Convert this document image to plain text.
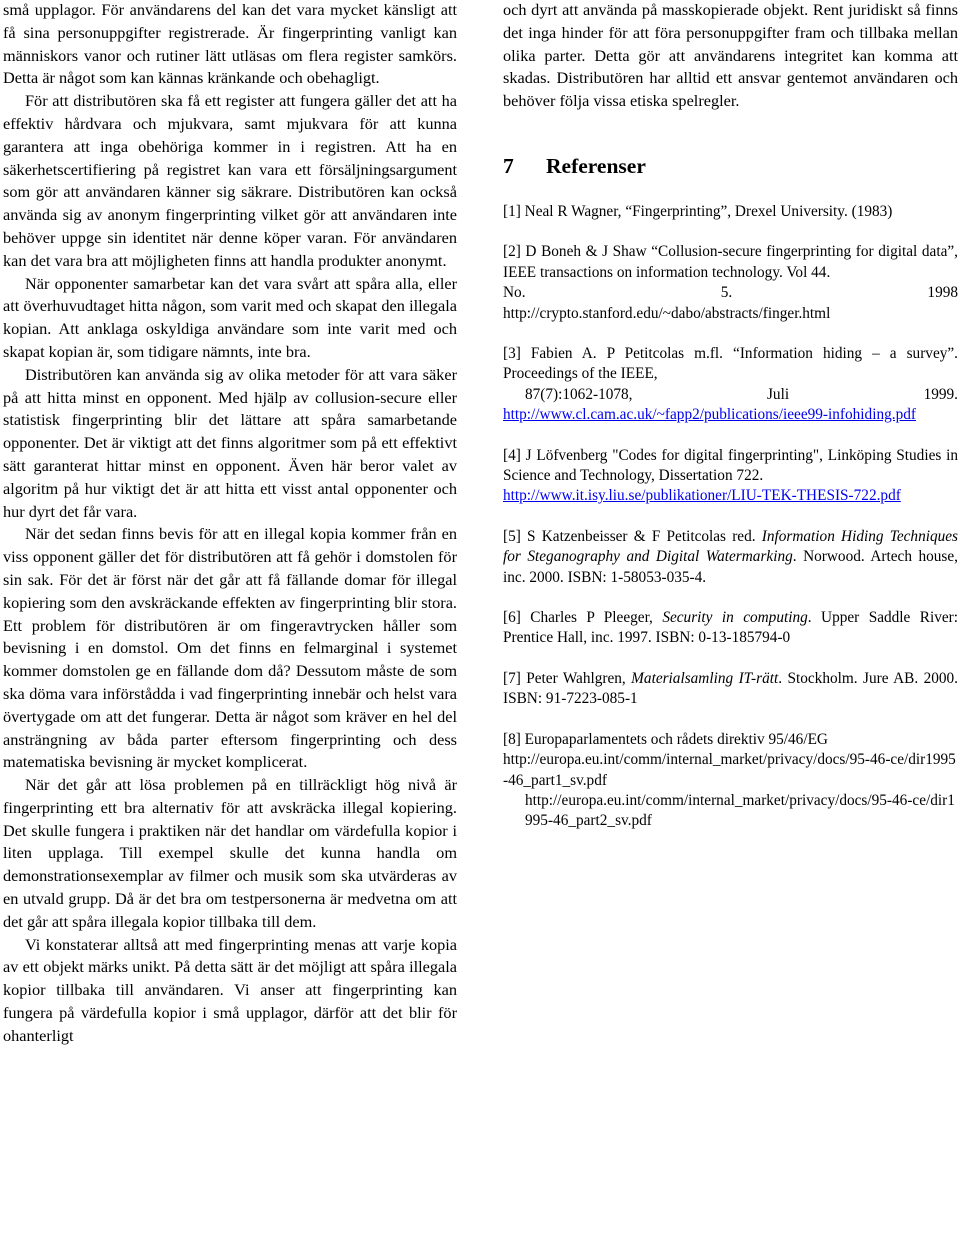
små upplagor. För användarens del kan det vara mycket känsligt att få sina personuppgifter registrerade. Är fingerprinting vanligt kan människors vanor och rutiner lätt utläsas om flera register samkörs. Detta är något som kan kännas kränkande och obehagligt.

För att distributören ska få ett register att fungera gäller det att ha effektiv hårdvara och mjukvara, samt mjukvara för att kunna garantera att inga obehöriga kommer in i registren. Att ha en säkerhetscertifiering på registret kan vara ett försäljningsargument som gör att användaren känner sig säkrare. Distributören kan också använda sig av anonym fingerprinting vilket gör att användaren inte behöver uppge sin identitet när denne köper varan. För användaren kan det vara bra att möjligheten finns att handla produkter anonymt.

När opponenter samarbetar kan det vara svårt att spåra alla, eller att överhuvudtaget hitta någon, som varit med och skapat den illegala kopian. Att anklaga oskyldiga användare som inte varit med och skapat kopian är, som tidigare nämnts, inte bra.

Distributören kan använda sig av olika metoder för att vara säker på att hitta minst en opponent. Med hjälp av collusion-secure eller statistisk fingerprinting blir det lättare att spåra samarbetande opponenter. Det är viktigt att det finns algoritmer som på ett effektivt sätt garanterat hittar minst en opponent. Även här beror valet av algoritm på hur viktigt det är att hitta ett visst antal opponenter och hur dyrt det får vara.

När det sedan finns bevis för att en illegal kopia kommer från en viss opponent gäller det för distributören att få gehör i domstolen för sin sak. För det är först när det går att få fällande domar för illegal kopiering som den avskräckande effekten av fingerprinting blir stora. Ett problem för distributören är om fingeravtrycken håller som bevisning i en domstol. Om det finns en felmarginal i systemet kommer domstolen ge en fällande dom då? Dessutom måste de som ska döma vara införstådda i vad fingerprinting innebär och helst vara övertygade om att det fungerar. Detta är något som kräver en hel del ansträngning av båda parter eftersom fingerprinting och dess matematiska bevisning är mycket komplicerat.

När det går att lösa problemen på en tillräckligt hög nivå är fingerprinting ett bra alternativ för att avskräcka illegal kopiering. Det skulle fungera i praktiken när det handlar om värdefulla kopior i liten upplaga. Till exempel skulle det kunna handla om demonstrationsexemplar av filmer och musik som ska utvärderas av en utvald grupp. Då är det bra om testpersonerna är medvetna om att det går att spåra illegala kopior tillbaka till dem.

Vi konstaterar alltså att med fingerprinting menas att varje kopia av ett objekt märks unikt. På detta sätt är det möjligt att spåra illegala kopior tillbaka till användaren. Vi anser att fingerprinting kan fungera på värdefulla kopior i små upplagor, därför att det blir för ohanterligt

och dyrt att använda på masskopierade objekt. Rent juridiskt så finns det inga hinder för att föra personuppgifter fram och tillbaka mellan olika parter. Detta gör att användarens integritet kan komma att skadas. Distributören har alltid ett ansvar gentemot användaren och behöver följa vissa etiska spelregler.

7 Referenser
[1] Neal R Wagner, “Fingerprinting”, Drexel University. (1983)
[2] D Boneh & J Shaw “Collusion-secure fingerprinting for digital data”, IEEE transactions on information technology. Vol 44.
No.	5.	1998
http://crypto.stanford.edu/~dabo/abstracts/finger.html
[3] Fabien A. P Petitcolas m.fl. “Information hiding – a survey”. Proceedings of the IEEE,
87(7):1062-1078,	Juli	1999.
http://www.cl.cam.ac.uk/~fapp2/publications/ieee99-infohiding.pdf
[4] J Löfvenberg "Codes for digital fingerprinting", Linköping Studies in Science and Technology, Dissertation 722.
http://www.it.isy.liu.se/publikationer/LIU-TEK-THESIS-722.pdf
[5] S Katzenbeisser & F Petitcolas red. Information Hiding Techniques for Steganography and Digital Watermarking. Norwood. Artech house, inc. 2000. ISBN: 1-58053-035-4.
[6] Charles P Pleeger, Security in computing. Upper Saddle River: Prentice Hall, inc. 1997. ISBN: 0-13-185794-0
[7] Peter Wahlgren, Materialsamling IT-rätt. Stockholm. Jure AB. 2000. ISBN: 91-7223-085-1
[8] Europaparlamentets och rådets direktiv 95/46/EG
http://europa.eu.int/comm/internal_market/privacy/docs/95-46-ce/dir1995-46_part1_sv.pdf
http://europa.eu.int/comm/internal_market/privacy/docs/95-46-ce/dir1995-46_part2_sv.pdf
